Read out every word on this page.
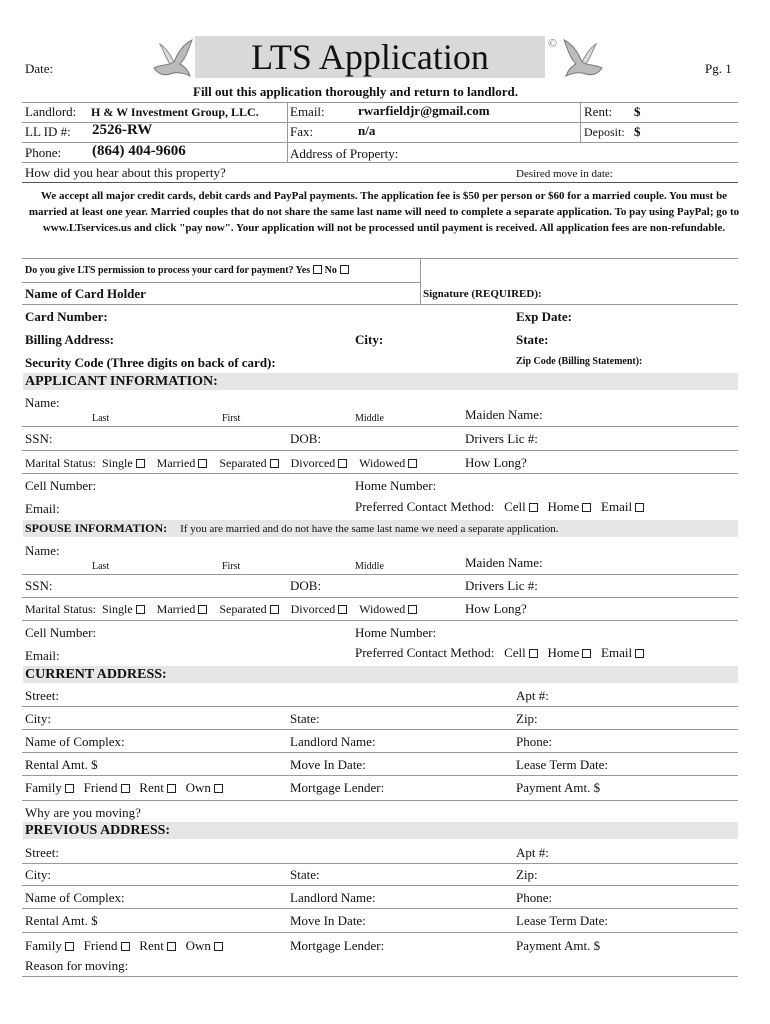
Date:	LTS Application	©
Pg. 1
Fill out this application thoroughly and return to landlord.
Landlord: H & W Investment Group, LLC. Email:	rwarfieldjr@gmail.com	Rent: $
LL ID #: 2526-RW	Fax:	n/a	Deposit: $
Phone: (864) 404-9606	Address of Property:
How did you hear about this property?	Desired move in date:
We accept all major credit cards, debit cards and PayPal payments. The application fee is $50 per person or $60 for a married couple. You must be married at least one year. Married couples that do not share the same last name will need to complete a separate application. To pay using PayPal; go to www.LTservices.us and click "pay now". Your application will not be processed until payment is received. All application fees are non-refundable.
Do you give LTS permission to process your card for payment? Yes No
Name of Card Holder	Signature (REQUIRED):
Card Number:	Exp Date:
Billing Address:	City:	State:
Security Code (Three digits on back of card):	Zip Code (Billing Statement):
APPLICANT INFORMATION:
Name:
Last	First	Middle	Maiden Name:
SSN:	DOB:	Drivers Lic #:
Marital Status: Single Married Separated Divorced Widowed	How Long?
Cell Number:	Home Number:
Email:	Preferred Contact Method: Cell Home Email
SPOUSE INFORMATION: If you are married and do not have the same last name we need a separate application.
Name:
Last	First	Middle	Maiden Name:
SSN:	DOB:	Drivers Lic #:
Marital Status: Single Married Separated Divorced Widowed	How Long?
Cell Number:	Home Number:
Email:	Preferred Contact Method: Cell Home Email
CURRENT ADDRESS:
Street:	Apt #:
City:	State:	Zip:
Name of Complex:	Landlord Name:	Phone:
Rental Amt. $	Move In Date:	Lease Term Date:
Family Friend Rent Own	Mortgage Lender:	Payment Amt. $
Why are you moving?
PREVIOUS ADDRESS:
Street:	Apt #:
City:	State:	Zip:
Name of Complex:	Landlord Name:	Phone:
Rental Amt. $	Move In Date:	Lease Term Date:
Family Friend Rent Own	Mortgage Lender:	Payment Amt. $
Reason for moving:
